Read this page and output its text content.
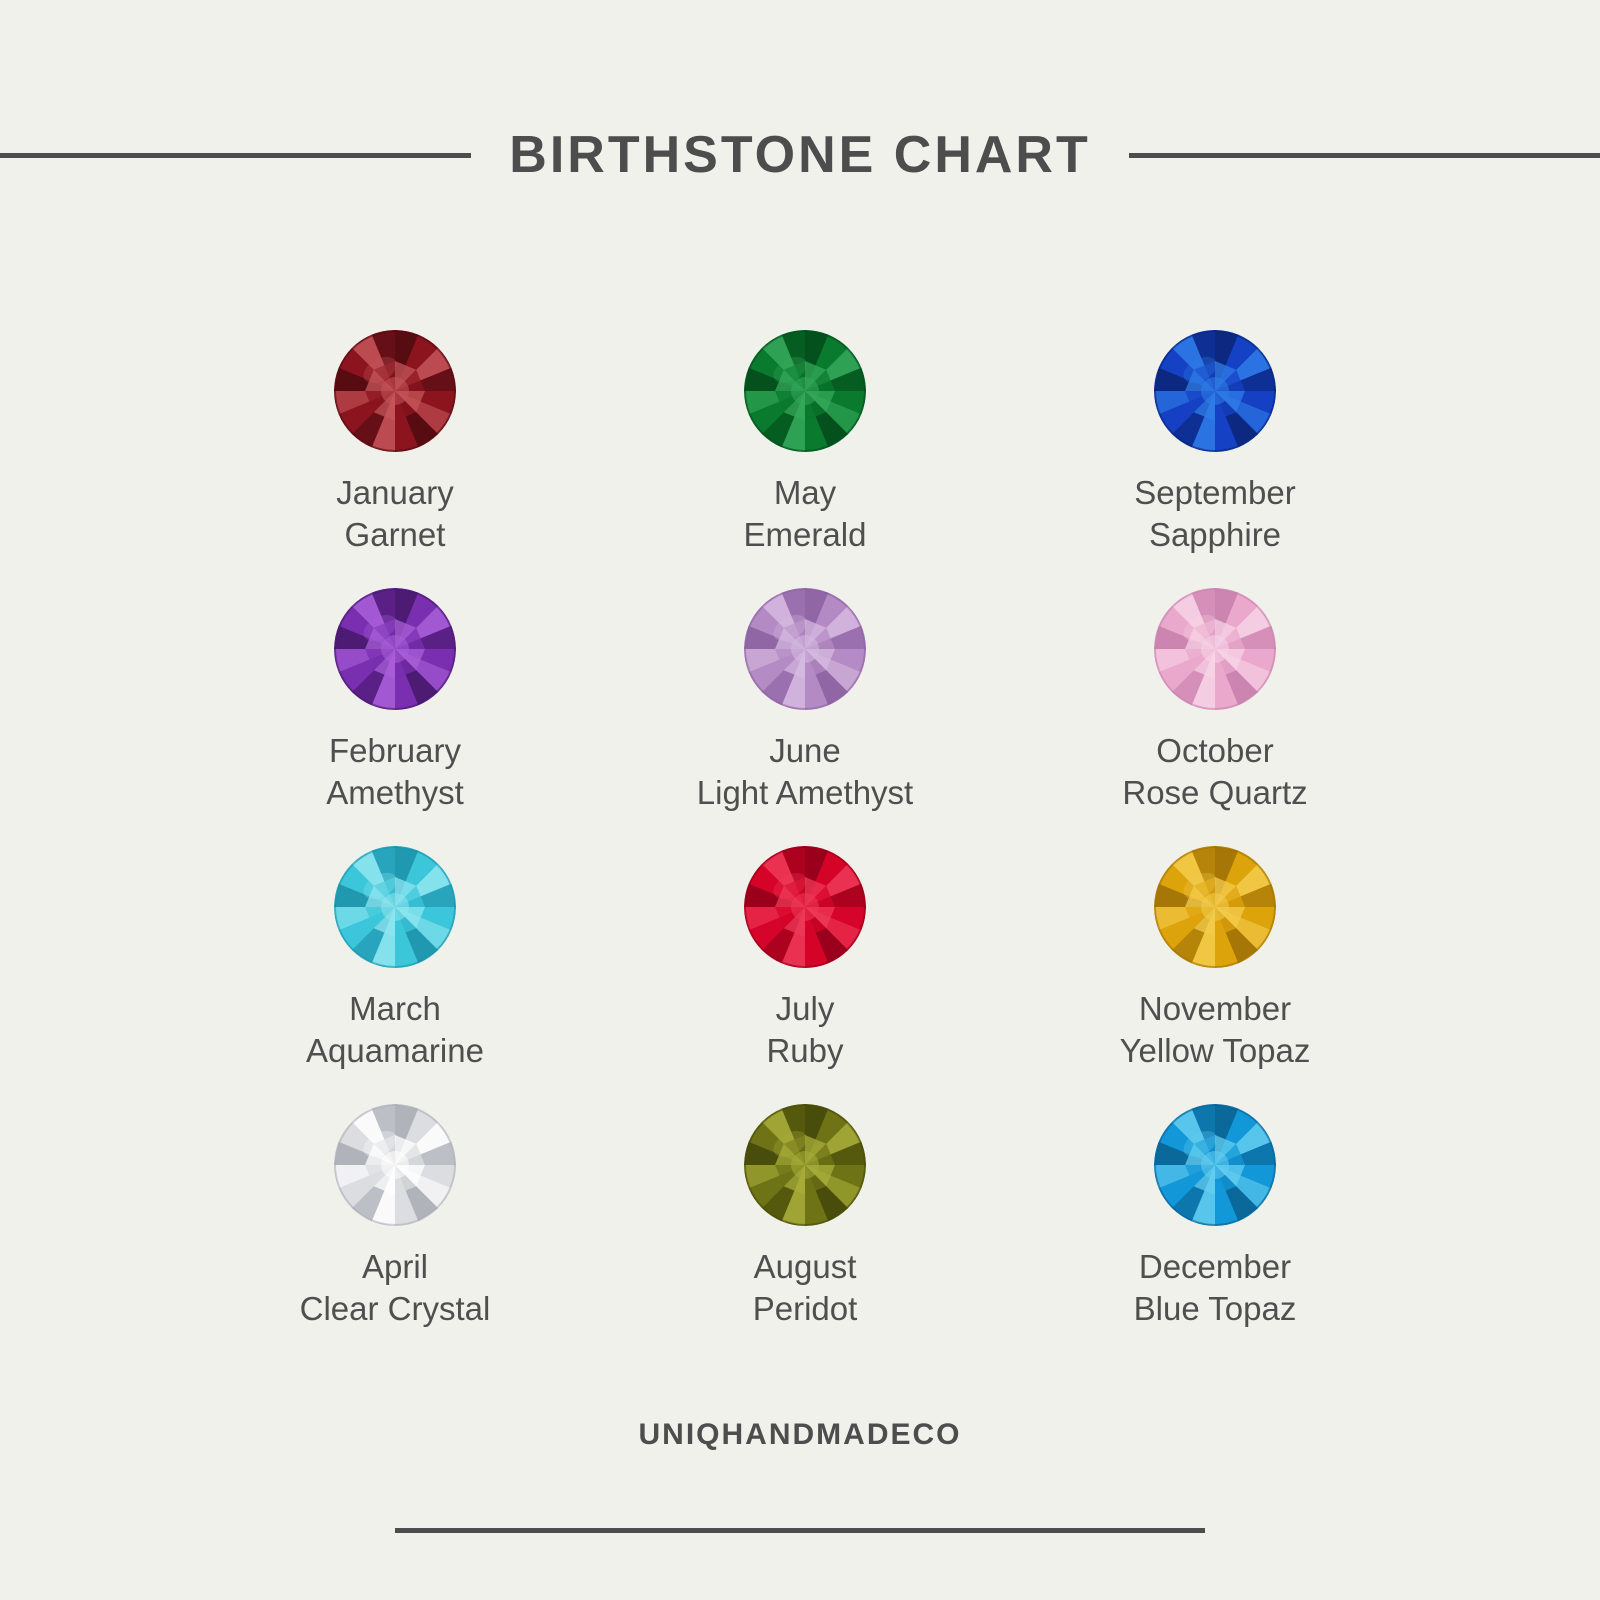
BIRTHSTONE CHART
January
Garnet
May
Emerald
September
Sapphire
February
Amethyst
June
Light Amethyst
October
Rose Quartz
March
Aquamarine
July
Ruby
November
Yellow Topaz
April
Clear Crystal
August
Peridot
December
Blue Topaz
UNIQHANDMADECO
